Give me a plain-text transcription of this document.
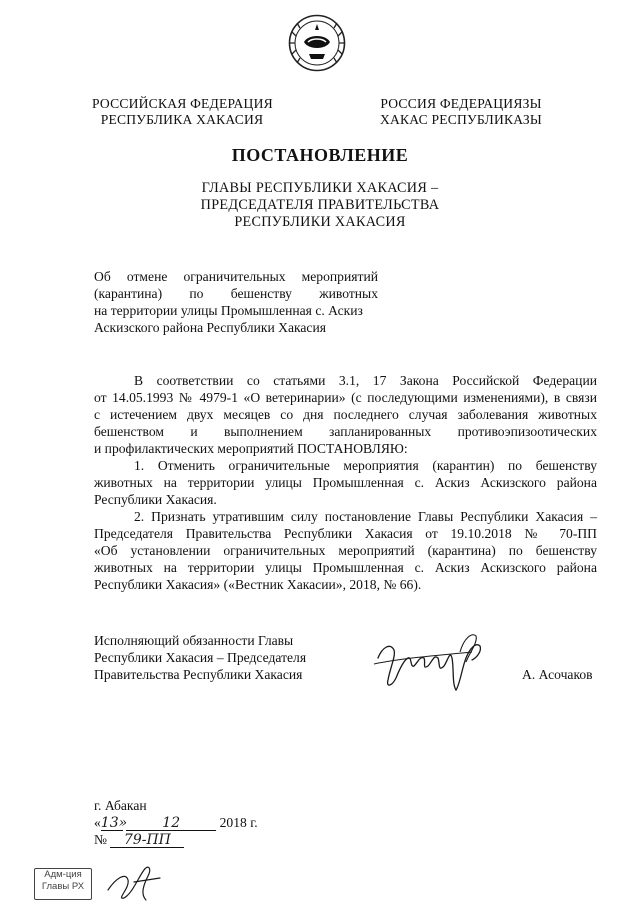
РОССИЙСКАЯ ФЕДЕРАЦИЯ
РЕСПУБЛИКА ХАКАСИЯ
РОССИЯ ФЕДЕРАЦИЯЗЫ
ХАКАС РЕСПУБЛИКАЗЫ
ПОСТАНОВЛЕНИЕ
ГЛАВЫ РЕСПУБЛИКИ ХАКАСИЯ –
ПРЕДСЕДАТЕЛЯ ПРАВИТЕЛЬСТВА
РЕСПУБЛИКИ ХАКАСИЯ
Об отмене ограничительных мероприятий
(карантина) по бешенству животных
на территории улицы Промышленная с. Аскиз
Аскизского района Республики Хакасия
В соответствии со статьями 3.1, 17 Закона Российской Федерации
от 14.05.1993 № 4979-1 «О ветеринарии» (с последующими изменениями), в связи
с истечением двух месяцев со дня последнего случая заболевания животных
бешенством и выполнением запланированных противоэпизоотических
и профилактических мероприятий ПОСТАНОВЛЯЮ:
1. Отменить ограничительные мероприятия (карантин) по бешенству
животных на территории улицы Промышленная с. Аскиз Аскизского района
Республики Хакасия.
2. Признать утратившим силу постановление Главы Республики Хакасия –
Председателя Правительства Республики Хакасия от 19.10.2018 № 70-ПП
«Об установлении ограничительных мероприятий (карантина) по бешенству
животных на территории улицы Промышленная с. Аскиз Аскизского района
Республики Хакасия» («Вестник Хакасии», 2018, № 66).
Исполняющий обязанности Главы
Республики Хакасия – Председателя
Правительства Республики Хакасия	А. Асочаков
г. Абакан
«13»	12	2018 г.
№ 79-ПП
Адм-ция
Главы РХ
